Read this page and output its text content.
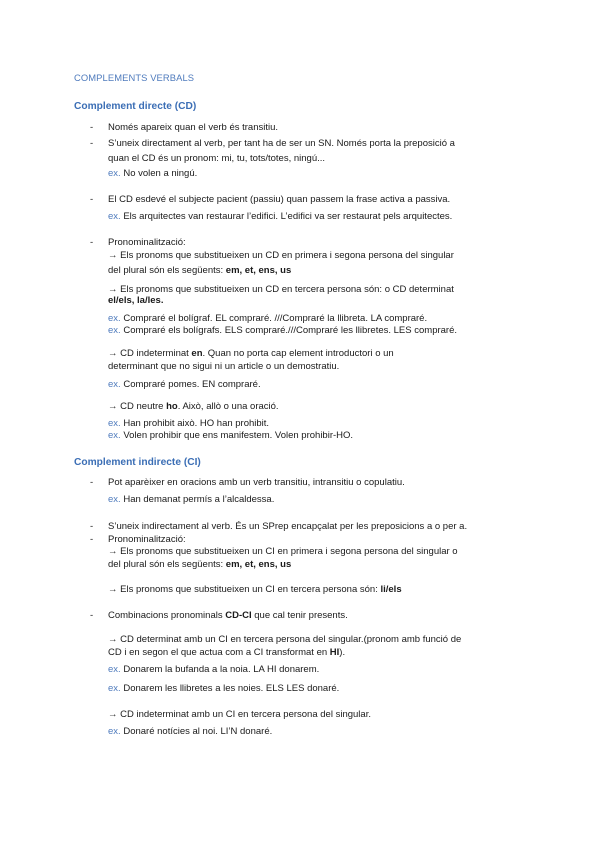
COMPLEMENTS VERBALS
Complement directe (CD)
- Només apareix quan el verb és transitiu.
- S’uneix directament al verb, per tant ha de ser un SN. Només porta la preposició a
quan el CD és un pronom: mi, tu, tots/totes, ningú...
ex. No volen a ningú.
- El CD esdevé el subjecte pacient (passiu) quan passem la frase activa a passiva.
ex. Els arquitectes van restaurar l’edifici. L’edifici va ser restaurat pels arquitectes.
- Pronominalització:
→ Els pronoms que substitueixen un CD en primera i segona persona del singular
del plural són els següents: em, et, ens, us
→ Els pronoms que substitueixen un CD en tercera persona són: o CD determinat
el/els, la/les.
ex. Compraré el bolígraf. EL compraré. ///Compraré la llibreta. LA compraré.
ex. Compraré els bolígrafs. ELS compraré.///Compraré les llibretes. LES compraré.
→ CD indeterminat en. Quan no porta cap element introductori o un
determinant que no sigui ni un article o un demostratiu.
ex. Compraré pomes. EN compraré.
→ CD neutre ho. Això, allò o una oració.
ex. Han prohibit això. HO han prohibit.
ex. Volen prohibir que ens manifestem. Volen prohibir-HO.
Complement indirecte (CI)
- Pot aparèixer en oracions amb un verb transitiu, intransitiu o copulatiu.
ex. Han demanat permís a l’alcaldessa.
- S’uneix indirectament al verb. És un SPrep encapçalat per les preposicions a o per a.
- Pronominalització:
→ Els pronoms que substitueixen un CI en primera i segona persona del singular o
del plural són els següents: em, et, ens, us
→ Els pronoms que substitueixen un CI en tercera persona són: li/els
- Combinacions pronominals CD-CI que cal tenir presents.
→ CD determinat amb un CI en tercera persona del singular.(pronom amb funció de
CD i en segon el que actua com a CI transformat en HI).
ex. Donarem la bufanda a la noia. LA HI donarem.
ex. Donarem les llibretes a les noies. ELS LES donaré.
→ CD indeterminat amb un CI en tercera persona del singular.
ex. Donaré notícies al noi. LI’N donaré.
